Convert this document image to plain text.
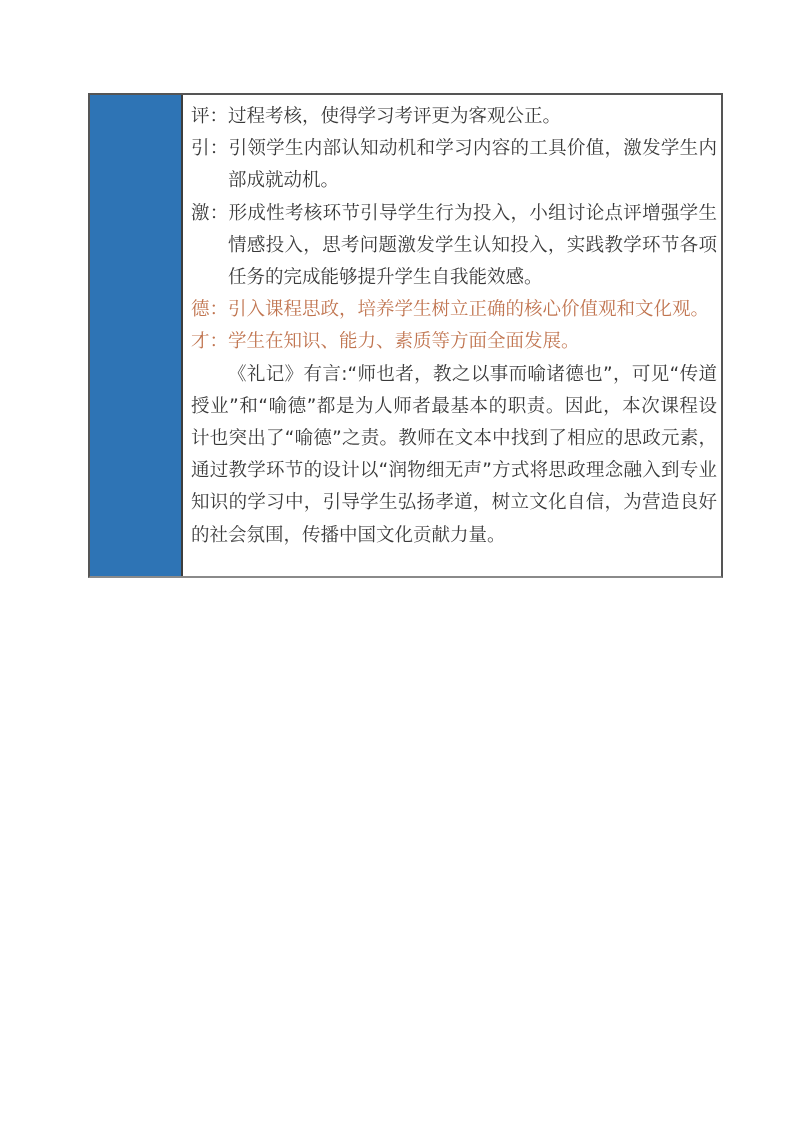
评：过程考核，使得学习考评更为客观公正。
引：引领学生内部认知动机和学习内容的工具价值，激发学生内部成就动机。
激：形成性考核环节引导学生行为投入，小组讨论点评增强学生情感投入，思考问题激发学生认知投入，实践教学环节各项任务的完成能够提升学生自我能效感。
德：引入课程思政，培养学生树立正确的核心价值观和文化观。
才：学生在知识、能力、素质等方面全面发展。

《礼记》有言:“师也者，教之以事而喻诸德也”，可见“传道授业”和“喻德”都是为人师者最基本的职责。因此，本次课程设计也突出了“喻德”之责。教师在文本中找到了相应的思政元素，通过教学环节的设计以“润物细无声”方式将思政理念融入到专业知识的学习中，引导学生弘扬孝道，树立文化自信，为营造良好的社会氛围，传播中国文化贡献力量。
